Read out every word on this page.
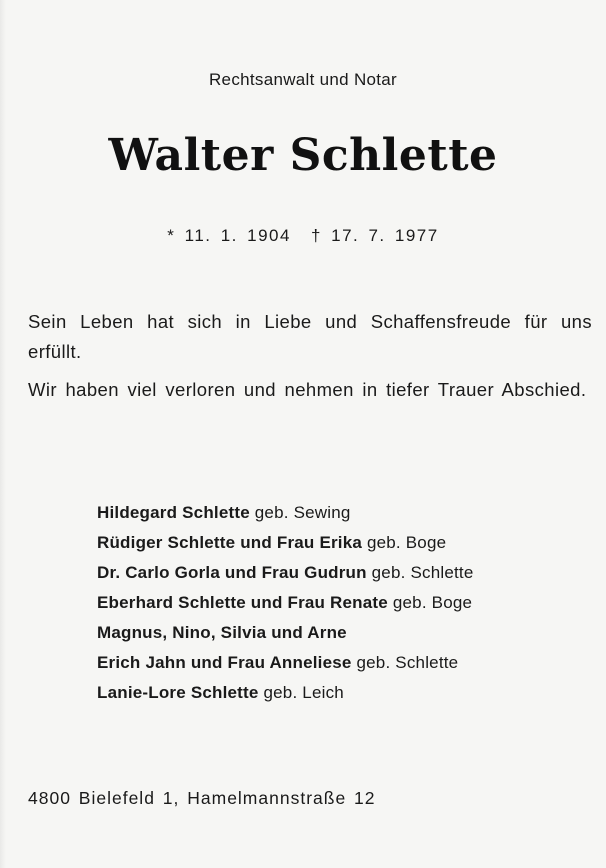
Rechtsanwalt und Notar
Walter Schlette
* 11. 1. 1904 † 17. 7. 1977
Sein Leben hat sich in Liebe und Schaffensfreude für uns erfüllt.
Wir haben viel verloren und nehmen in tiefer Trauer Abschied.
Hildegard Schlette geb. Sewing
Rüdiger Schlette und Frau Erika geb. Boge
Dr. Carlo Gorla und Frau Gudrun geb. Schlette
Eberhard Schlette und Frau Renate geb. Boge
Magnus, Nino, Silvia und Arne
Erich Jahn und Frau Anneliese geb. Schlette
Lanie-Lore Schlette geb. Leich
4800 Bielefeld 1, Hamelmannstraße 12
